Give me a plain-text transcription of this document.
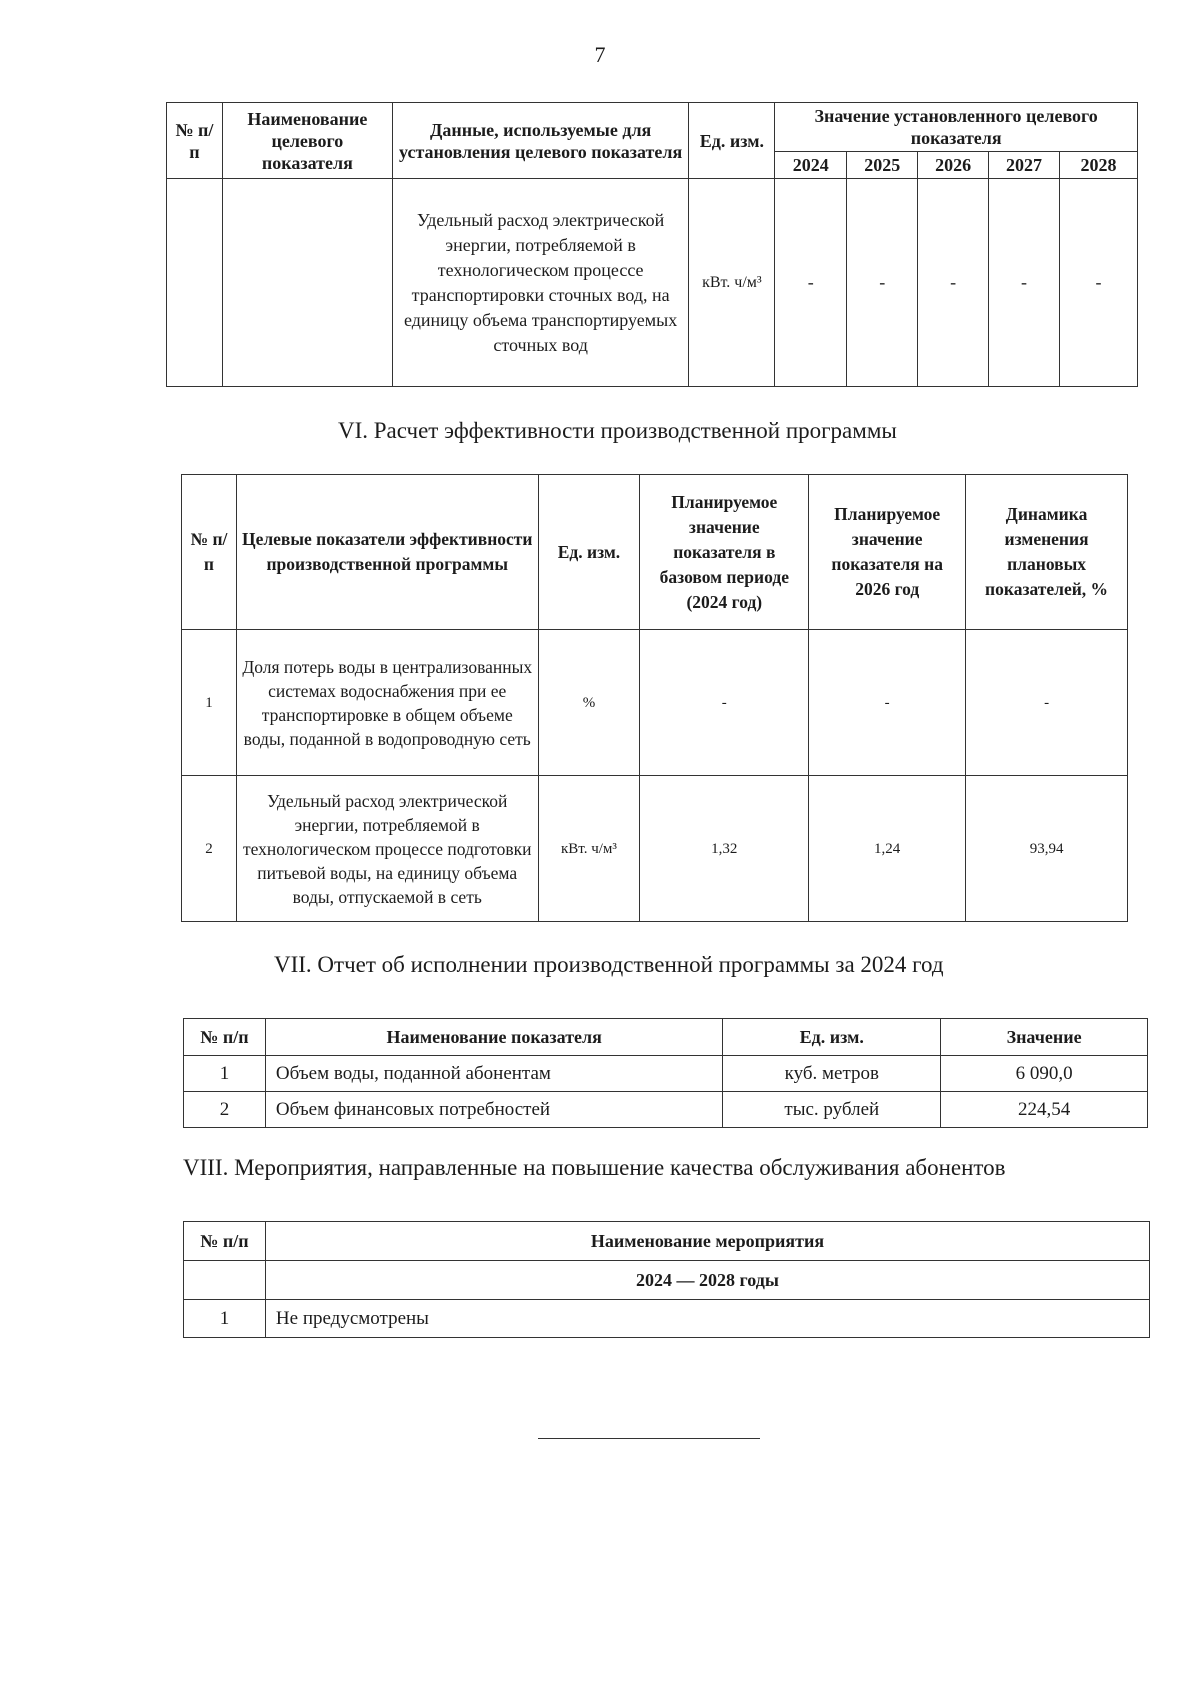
7
№ п/п	Наименование целевого показателя	Данные, используемые для установления целевого показателя	Ед. изм.	Значение установленного целевого показателя				
				2024	2025	2026	2027	2028
		Удельный расход электрической энергии, потребляемой в технологическом процессе транспортировки сточных вод, на единицу объема транспортируемых сточных вод	кВт. ч/м³	-	-	-	-	-
VI. Расчет эффективности производственной программы
№ п/п	Целевые показатели эффективности производственной программы	Ед. изм.	Планируемое значение показателя в базовом периоде (2024 год)	Планируемое значение показателя на 2026 год	Динамика изменения плановых показателей, %
1	Доля потерь воды в централизованных системах водоснабжения при ее транспортировке в общем объеме воды, поданной в водопроводную сеть	%	-	-	-
2	Удельный расход электрической энергии, потребляемой в технологическом процессе подготовки питьевой воды, на единицу объема воды, отпускаемой в сеть	кВт. ч/м³	1,32	1,24	93,94
VII. Отчет об исполнении производственной программы за 2024 год
№ п/п	Наименование показателя	Ед. изм.	Значение
1	Объем воды, поданной абонентам	куб. метров	6 090,0
2	Объем финансовых потребностей	тыс. рублей	224,54
VIII. Мероприятия, направленные на повышение качества обслуживания абонентов
№ п/п	Наименование мероприятия
	2024 — 2028 годы
1	Не предусмотрены
